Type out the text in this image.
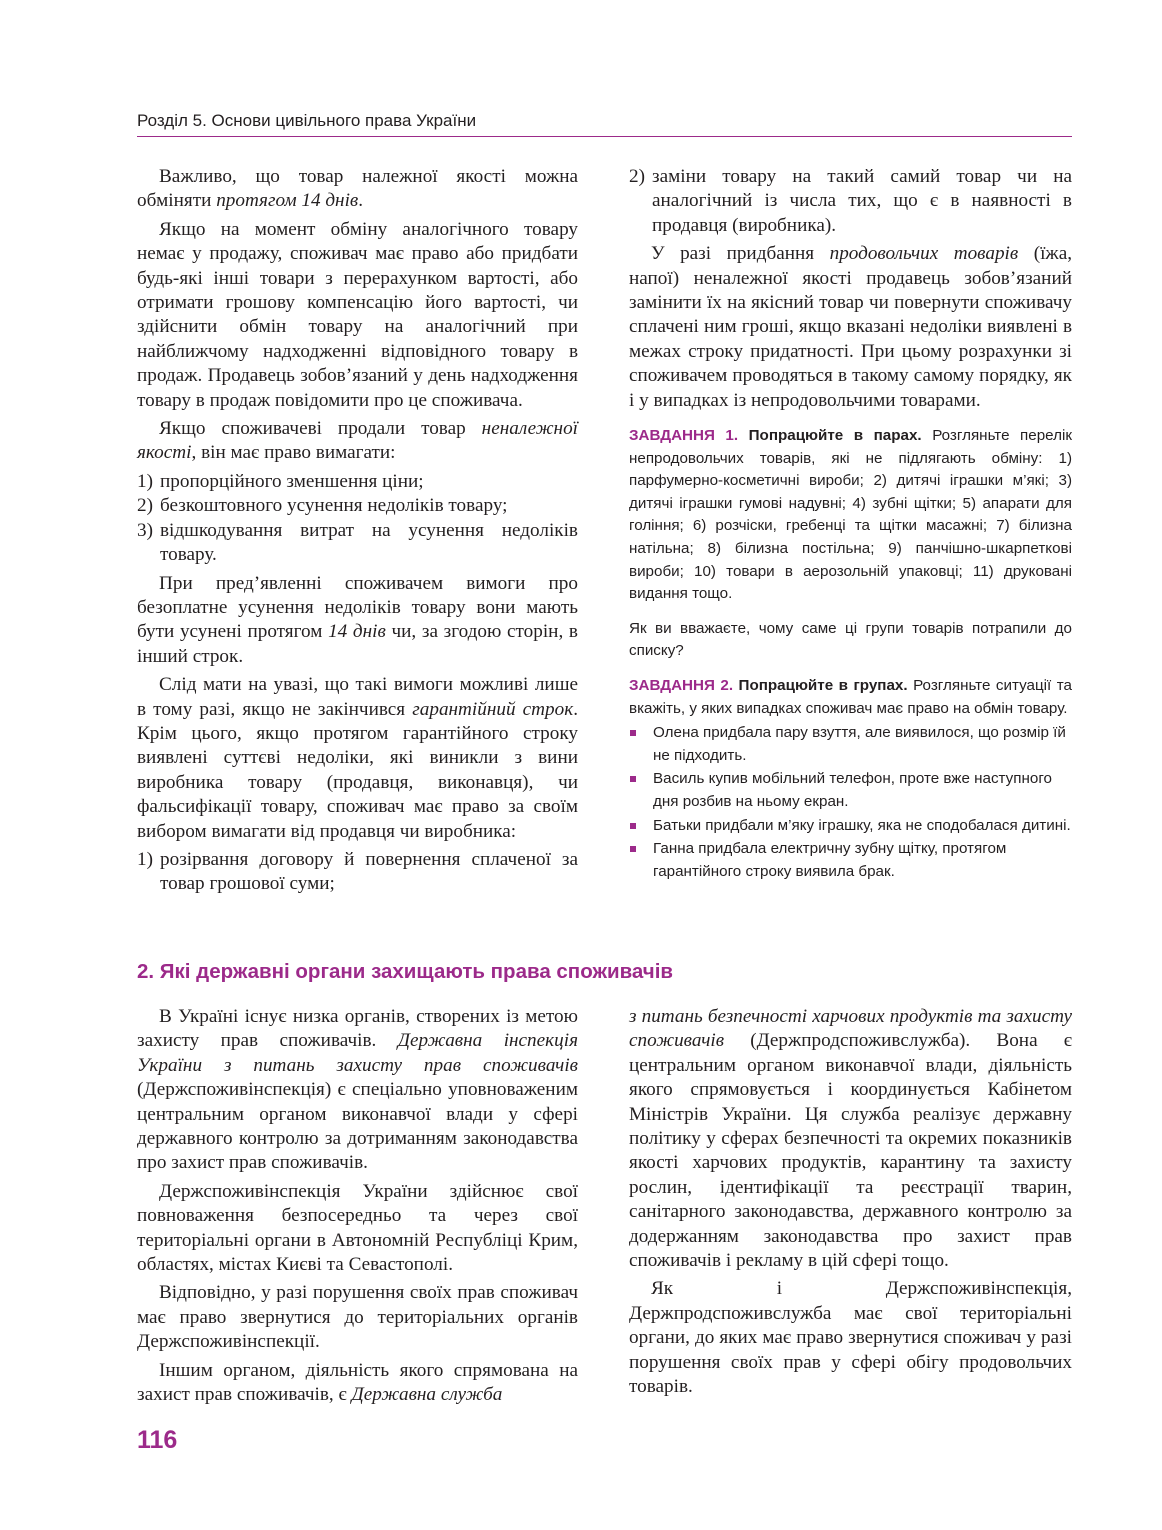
Розділ 5. Основи цивільного права України

Важливо, що товар належної якості можна обміняти протягом 14 днів.

Якщо на момент обміну аналогічного товару немає у продажу, споживач має право або придбати будь-які інші товари з перерахунком вартості, або отримати грошову компенсацію його вартості, чи здійснити обмін товару на аналогічний при найближчому надходженні відповідного товару в продаж. Продавець зобов’язаний у день надходження товару в продаж повідомити про це споживача.

Якщо споживачеві продали товар неналежної якості, він має право вимагати:

1) пропорційного зменшення ціни;
2) безкоштовного усунення недоліків товару;
3) відшкодування витрат на усунення недоліків товару.

При пред’явленні споживачем вимоги про безоплатне усунення недоліків товару вони мають бути усунені протягом 14 днів чи, за згодою сторін, в інший строк.

Слід мати на увазі, що такі вимоги можливі лише в тому разі, якщо не закінчився гарантійний строк. Крім цього, якщо протягом гарантійного строку виявлені суттєві недоліки, які виникли з вини виробника товару (продавця, виконавця), чи фальсифікації товару, споживач має право за своїм вибором вимагати від продавця чи виробника:

1) розірвання договору й повернення сплаченої за товар грошової суми;
2) заміни товару на такий самий товар чи на аналогічний із числа тих, що є в наявності в продавця (виробника).

У разі придбання продовольчих товарів (їжа, напої) неналежної якості продавець зобов’язаний замінити їх на якісний товар чи повернути споживачу сплачені ним гроші, якщо вказані недоліки виявлені в межах строку придатності. При цьому розрахунки зі споживачем проводяться в такому самому порядку, як і у випадках із непродовольчими товарами.

ЗАВДАННЯ 1. Попрацюйте в парах. Розгляньте перелік непродовольчих товарів, які не підлягають обміну: 1) парфумерно-косметичні вироби; 2) дитячі іграшки м’які; 3) дитячі іграшки гумові надувні; 4) зубні щітки; 5) апарати для гоління; 6) розчіски, гребенці та щітки масажні; 7) білизна натільна; 8) білизна постільна; 9) панчішно-шкарпеткові вироби; 10) товари в аерозольній упаковці; 11) друковані видання тощо.

Як ви вважаєте, чому саме ці групи товарів потрапили до списку?

ЗАВДАННЯ 2. Попрацюйте в групах. Розгляньте ситуації та вкажіть, у яких випадках споживач має право на обмін товару.

Олена придбала пару взуття, але виявилося, що розмір їй не підходить.
Василь купив мобільний телефон, проте вже наступного дня розбив на ньому екран.
Батьки придбали м’яку іграшку, яка не сподобалася дитині.
Ганна придбала електричну зубну щітку, протягом гарантійного строку виявила брак.
2. Які державні органи захищають права споживачів

В Україні існує низка органів, створених із метою захисту прав споживачів. Державна інспекція України з питань захисту прав споживачів (Держспоживінспекція) є спеціально уповноваженим центральним органом виконавчої влади у сфері державного контролю за дотриманням законодавства про захист прав споживачів.

Держспоживінспекція України здійснює свої повноваження безпосередньо та через свої територіальні органи в Автономній Республіці Крим, областях, містах Києві та Севастополі.

Відповідно, у разі порушення своїх прав споживач має право звернутися до територіальних органів Держспоживінспекції.

Іншим органом, діяльність якого спрямована на захист прав споживачів, є Державна служба

з питань безпечності харчових продуктів та захисту споживачів (Держпродспоживслужба). Вона є центральним органом виконавчої влади, діяльність якого спрямовується і координується Кабінетом Міністрів України. Ця служба реалізує державну політику у сферах безпечності та окремих показників якості харчових продуктів, карантину та захисту рослин, ідентифікації та реєстрації тварин, санітарного законодавства, державного контролю за додержанням законодавства про захист прав споживачів і рекламу в цій сфері тощо.

Як і Держспоживінспекція, Держпродспоживслужба має свої територіальні органи, до яких має право звернутися споживач у разі порушення своїх прав у сфері обігу продовольчих товарів.

116
